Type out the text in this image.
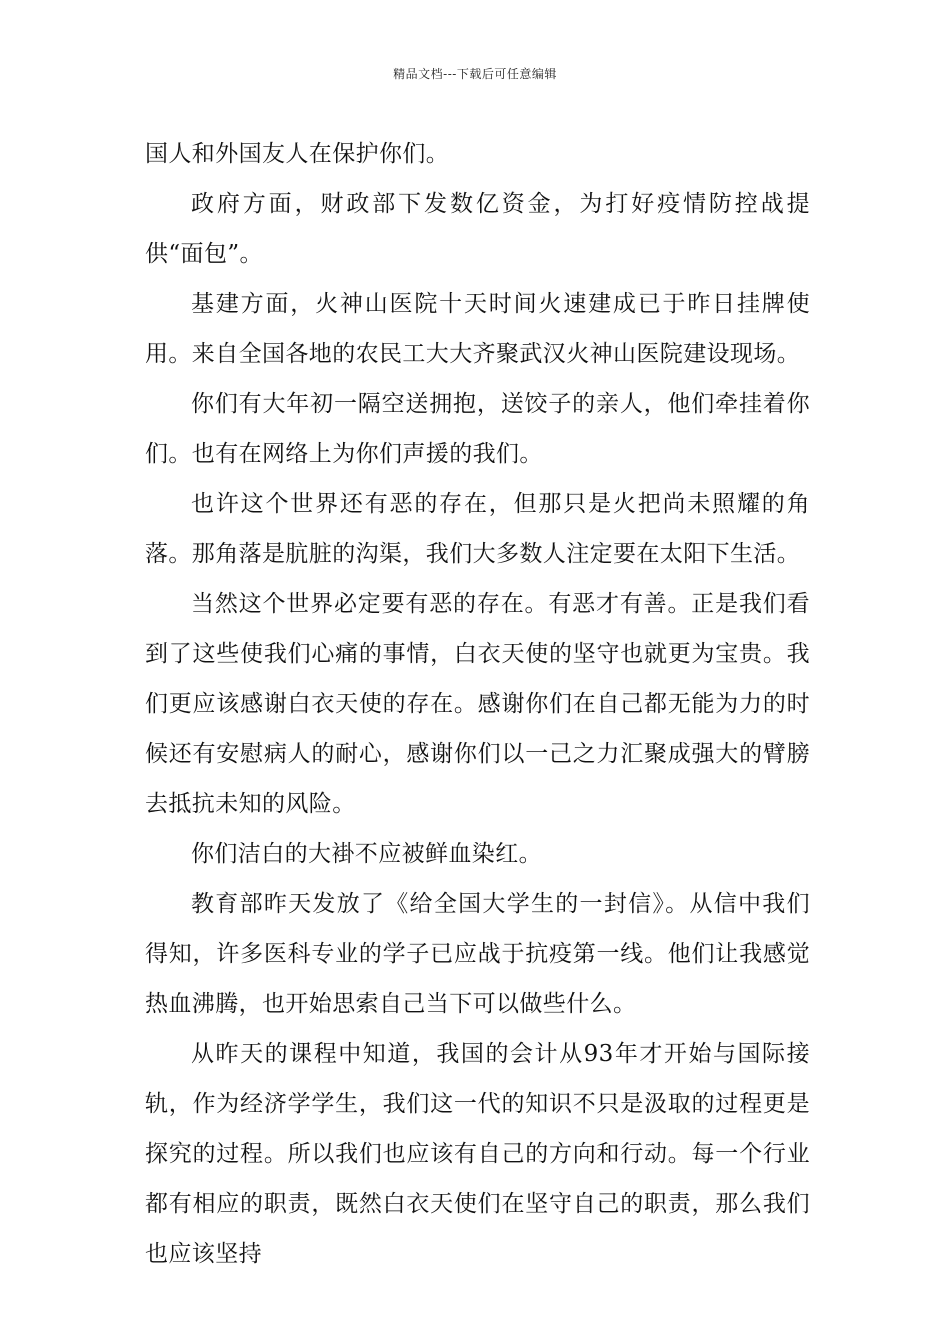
精品文档---下载后可任意编辑

国人和外国友人在保护你们。

政府方面，财政部下发数亿资金，为打好疫情防控战提供“面包”。

基建方面，火神山医院十天时间火速建成已于昨日挂牌使用。来自全国各地的农民工大大齐聚武汉火神山医院建设现场。

你们有大年初一隔空送拥抱，送饺子的亲人，他们牵挂着你们。也有在网络上为你们声援的我们。

也许这个世界还有恶的存在，但那只是火把尚未照耀的角落。那角落是肮脏的沟渠，我们大多数人注定要在太阳下生活。

当然这个世界必定要有恶的存在。有恶才有善。正是我们看到了这些使我们心痛的事情，白衣天使的坚守也就更为宝贵。我们更应该感谢白衣天使的存在。感谢你们在自己都无能为力的时候还有安慰病人的耐心，感谢你们以一己之力汇聚成强大的臂膀去抵抗未知的风险。

你们洁白的大褂不应被鲜血染红。

教育部昨天发放了《给全国大学生的一封信》。从信中我们得知，许多医科专业的学子已应战于抗疫第一线。他们让我感觉热血沸腾，也开始思索自己当下可以做些什么。

从昨天的课程中知道，我国的会计从93年才开始与国际接轨，作为经济学学生，我们这一代的知识不只是汲取的过程更是探究的过程。所以我们也应该有自己的方向和行动。每一个行业都有相应的职责，既然白衣天使们在坚守自己的职责，那么我们也应该坚持
